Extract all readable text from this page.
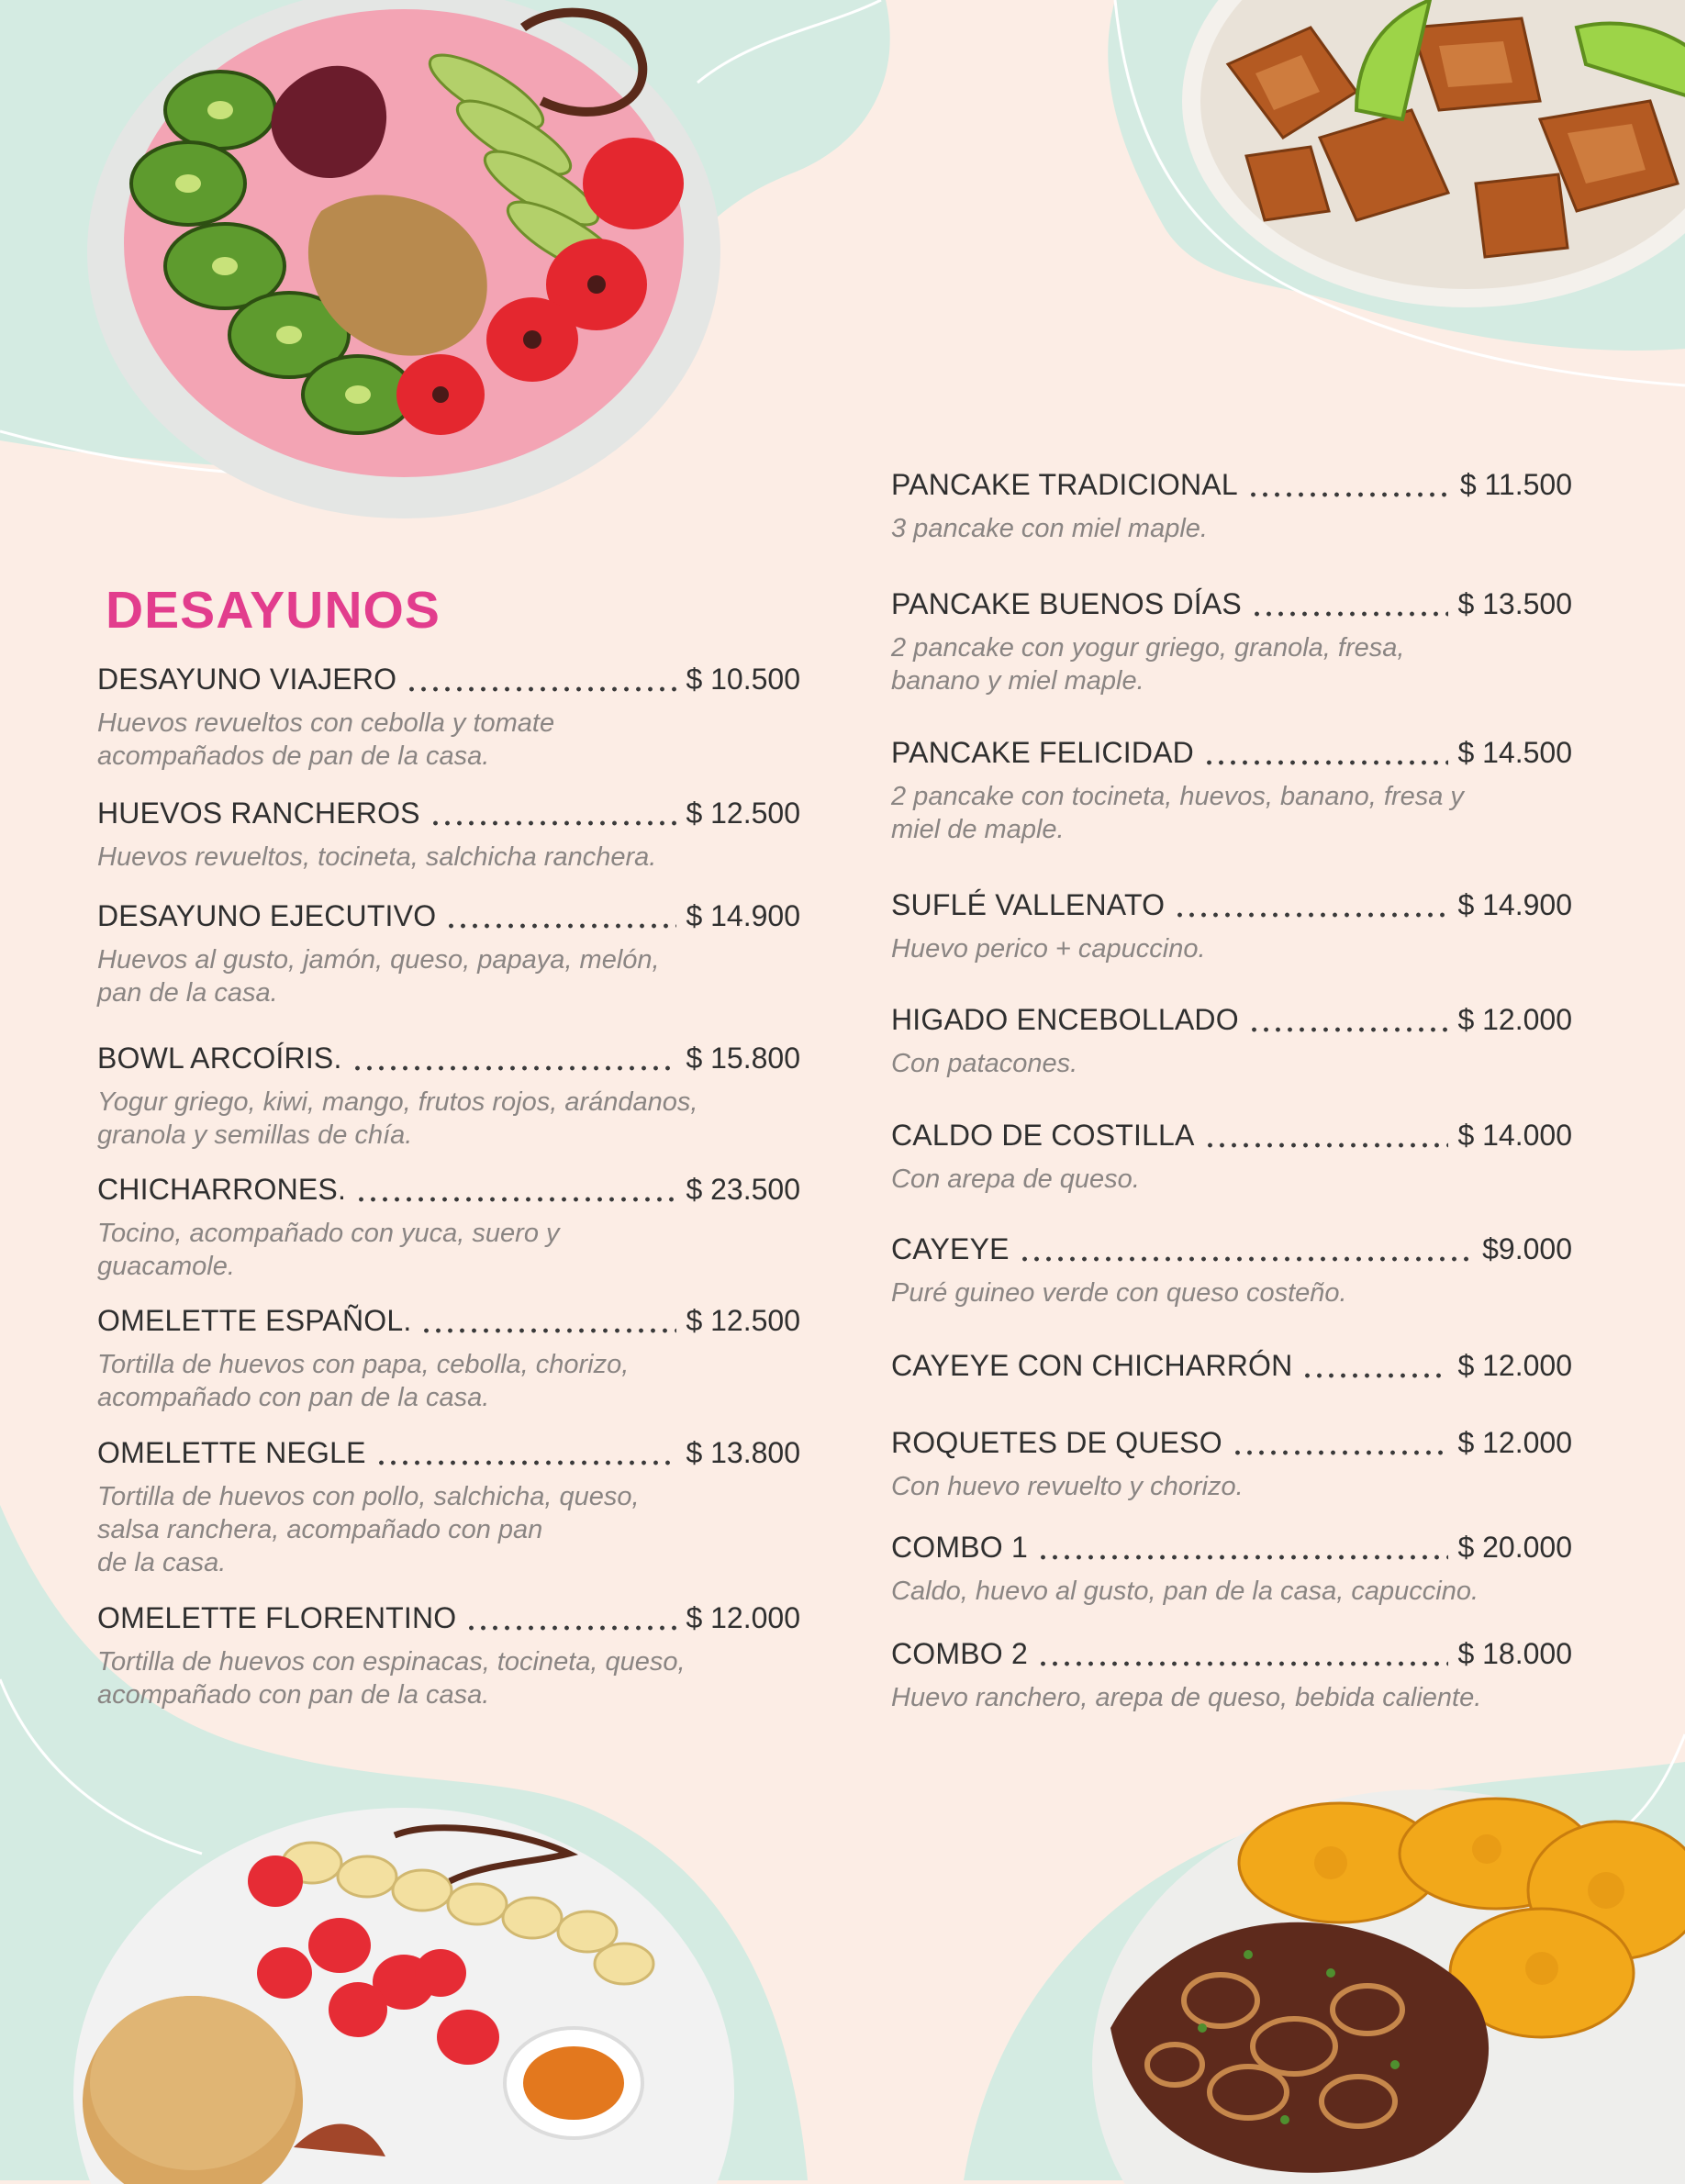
DESAYUNOS
DESAYUNO VIAJERO	$ 10.500
Huevos revueltos con cebolla y tomate
acompañados de pan de la casa.
HUEVOS RANCHEROS	$ 12.500
Huevos revueltos, tocineta, salchicha ranchera.
DESAYUNO EJECUTIVO	$ 14.900
Huevos al gusto, jamón, queso, papaya, melón,
pan de la casa.
BOWL ARCOÍRIS.	$ 15.800
Yogur griego, kiwi, mango, frutos rojos, arándanos,
granola y semillas de chía.
CHICHARRONES.	$ 23.500
Tocino, acompañado con yuca, suero y
guacamole.
OMELETTE ESPAÑOL.	$ 12.500
Tortilla de huevos con papa, cebolla, chorizo,
acompañado con pan de la casa.
OMELETTE NEGLE	$ 13.800
Tortilla de huevos con pollo, salchicha, queso,
salsa ranchera, acompañado con pan
de la casa.
OMELETTE FLORENTINO	$ 12.000
Tortilla de huevos con espinacas, tocineta, queso,
acompañado con pan de la casa.
PANCAKE TRADICIONAL	$ 11.500
3 pancake con miel maple.
PANCAKE BUENOS DÍAS	$ 13.500
2 pancake con yogur griego, granola, fresa,
banano y miel maple.
PANCAKE FELICIDAD	$ 14.500
2 pancake con tocineta, huevos, banano, fresa y
miel de maple.
SUFLÉ VALLENATO	$ 14.900
Huevo perico + capuccino.
HIGADO ENCEBOLLADO	$ 12.000
Con patacones.
CALDO DE COSTILLA	$ 14.000
Con arepa de queso.
CAYEYE	$9.000
Puré guineo verde con queso costeño.
CAYEYE CON CHICHARRÓN	$ 12.000
ROQUETES DE QUESO	$ 12.000
Con huevo revuelto y chorizo.
COMBO 1	$ 20.000
Caldo, huevo al gusto, pan de la casa, capuccino.
COMBO 2	$ 18.000
Huevo ranchero, arepa de queso, bebida caliente.
